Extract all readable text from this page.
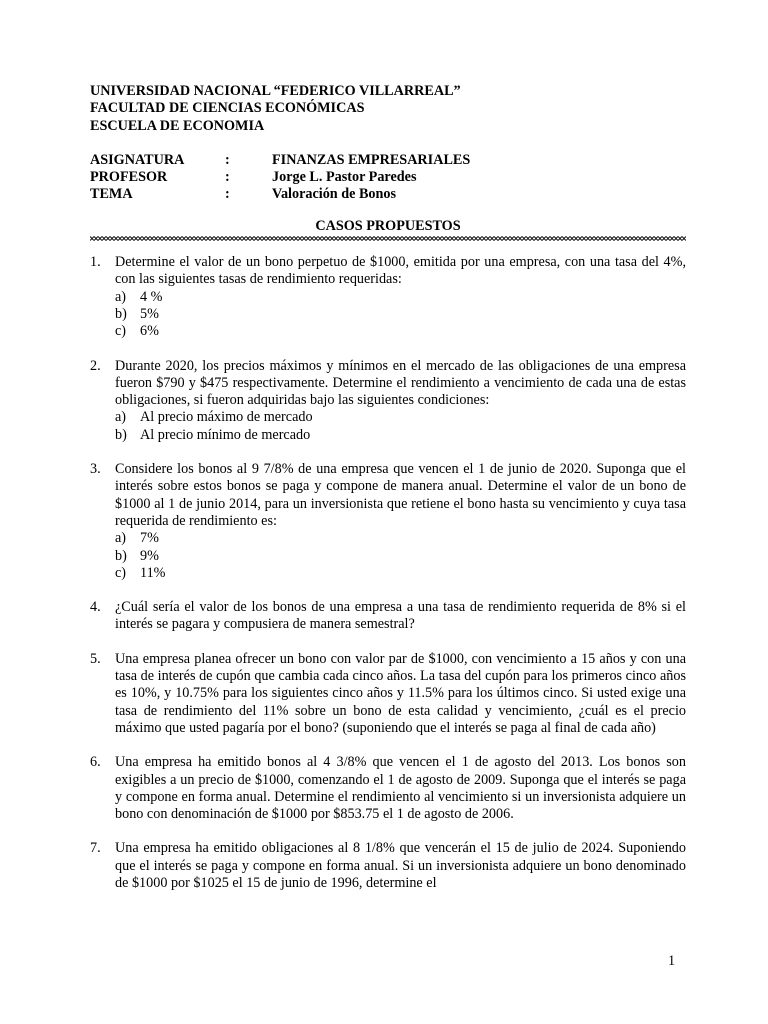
UNIVERSIDAD NACIONAL “FEDERICO VILLARREAL”
FACULTAD DE CIENCIAS ECONÓMICAS
ESCUELA DE ECONOMIA
ASIGNATURA	:	FINANZAS EMPRESARIALES
PROFESOR	:	Jorge L. Pastor Paredes
TEMA	:	Valoración de Bonos
CASOS PROPUESTOS
1.	Determine el valor de un bono perpetuo de $1000, emitida por una empresa, con una tasa del 4%, con las siguientes tasas de rendimiento requeridas:
a) 4 %
b) 5%
c) 6%
2.	Durante 2020, los precios máximos y mínimos en el mercado de las obligaciones de una empresa fueron $790 y $475 respectivamente. Determine el rendimiento a vencimiento de cada una de estas obligaciones, si fueron adquiridas bajo las siguientes condiciones:
a) Al precio máximo de mercado
b) Al precio mínimo de mercado
3.	Considere los bonos al 9 7/8% de una empresa que vencen el 1 de junio de 2020. Suponga que el interés sobre estos bonos se paga y compone de manera anual. Determine el valor de un bono de $1000 al 1 de junio 2014, para un inversionista que retiene el bono hasta su vencimiento y cuya tasa requerida de rendimiento es:
a) 7%
b) 9%
c) 11%
4.	¿Cuál sería el valor de los bonos de una empresa a una tasa de rendimiento requerida de 8% si el interés se pagara y compusiera de manera semestral?
5.	Una empresa planea ofrecer un bono con valor par de $1000, con vencimiento a 15 años y con una tasa de interés de cupón que cambia cada cinco años. La tasa del cupón para los primeros cinco años es 10%, y 10.75% para los siguientes cinco años y 11.5% para los últimos cinco. Si usted exige una tasa de rendimiento del 11% sobre un bono de esta calidad y vencimiento, ¿cuál es el precio máximo que usted pagaría por el bono? (suponiendo que el interés se paga al final de cada año)
6.	Una empresa ha emitido bonos al 4 3/8% que vencen el 1 de agosto del 2013. Los bonos son exigibles a un precio de $1000, comenzando el 1 de agosto de 2009. Suponga que el interés se paga y compone en forma anual. Determine el rendimiento al vencimiento si un inversionista adquiere un bono con denominación de $1000 por $853.75 el 1 de agosto de 2006.
7.	Una empresa ha emitido obligaciones al 8 1/8% que vencerán el 15 de julio de 2024. Suponiendo que el interés se paga y compone en forma anual. Si un inversionista adquiere un bono denominado de $1000 por $1025 el 15 de junio de 1996, determine el
1
